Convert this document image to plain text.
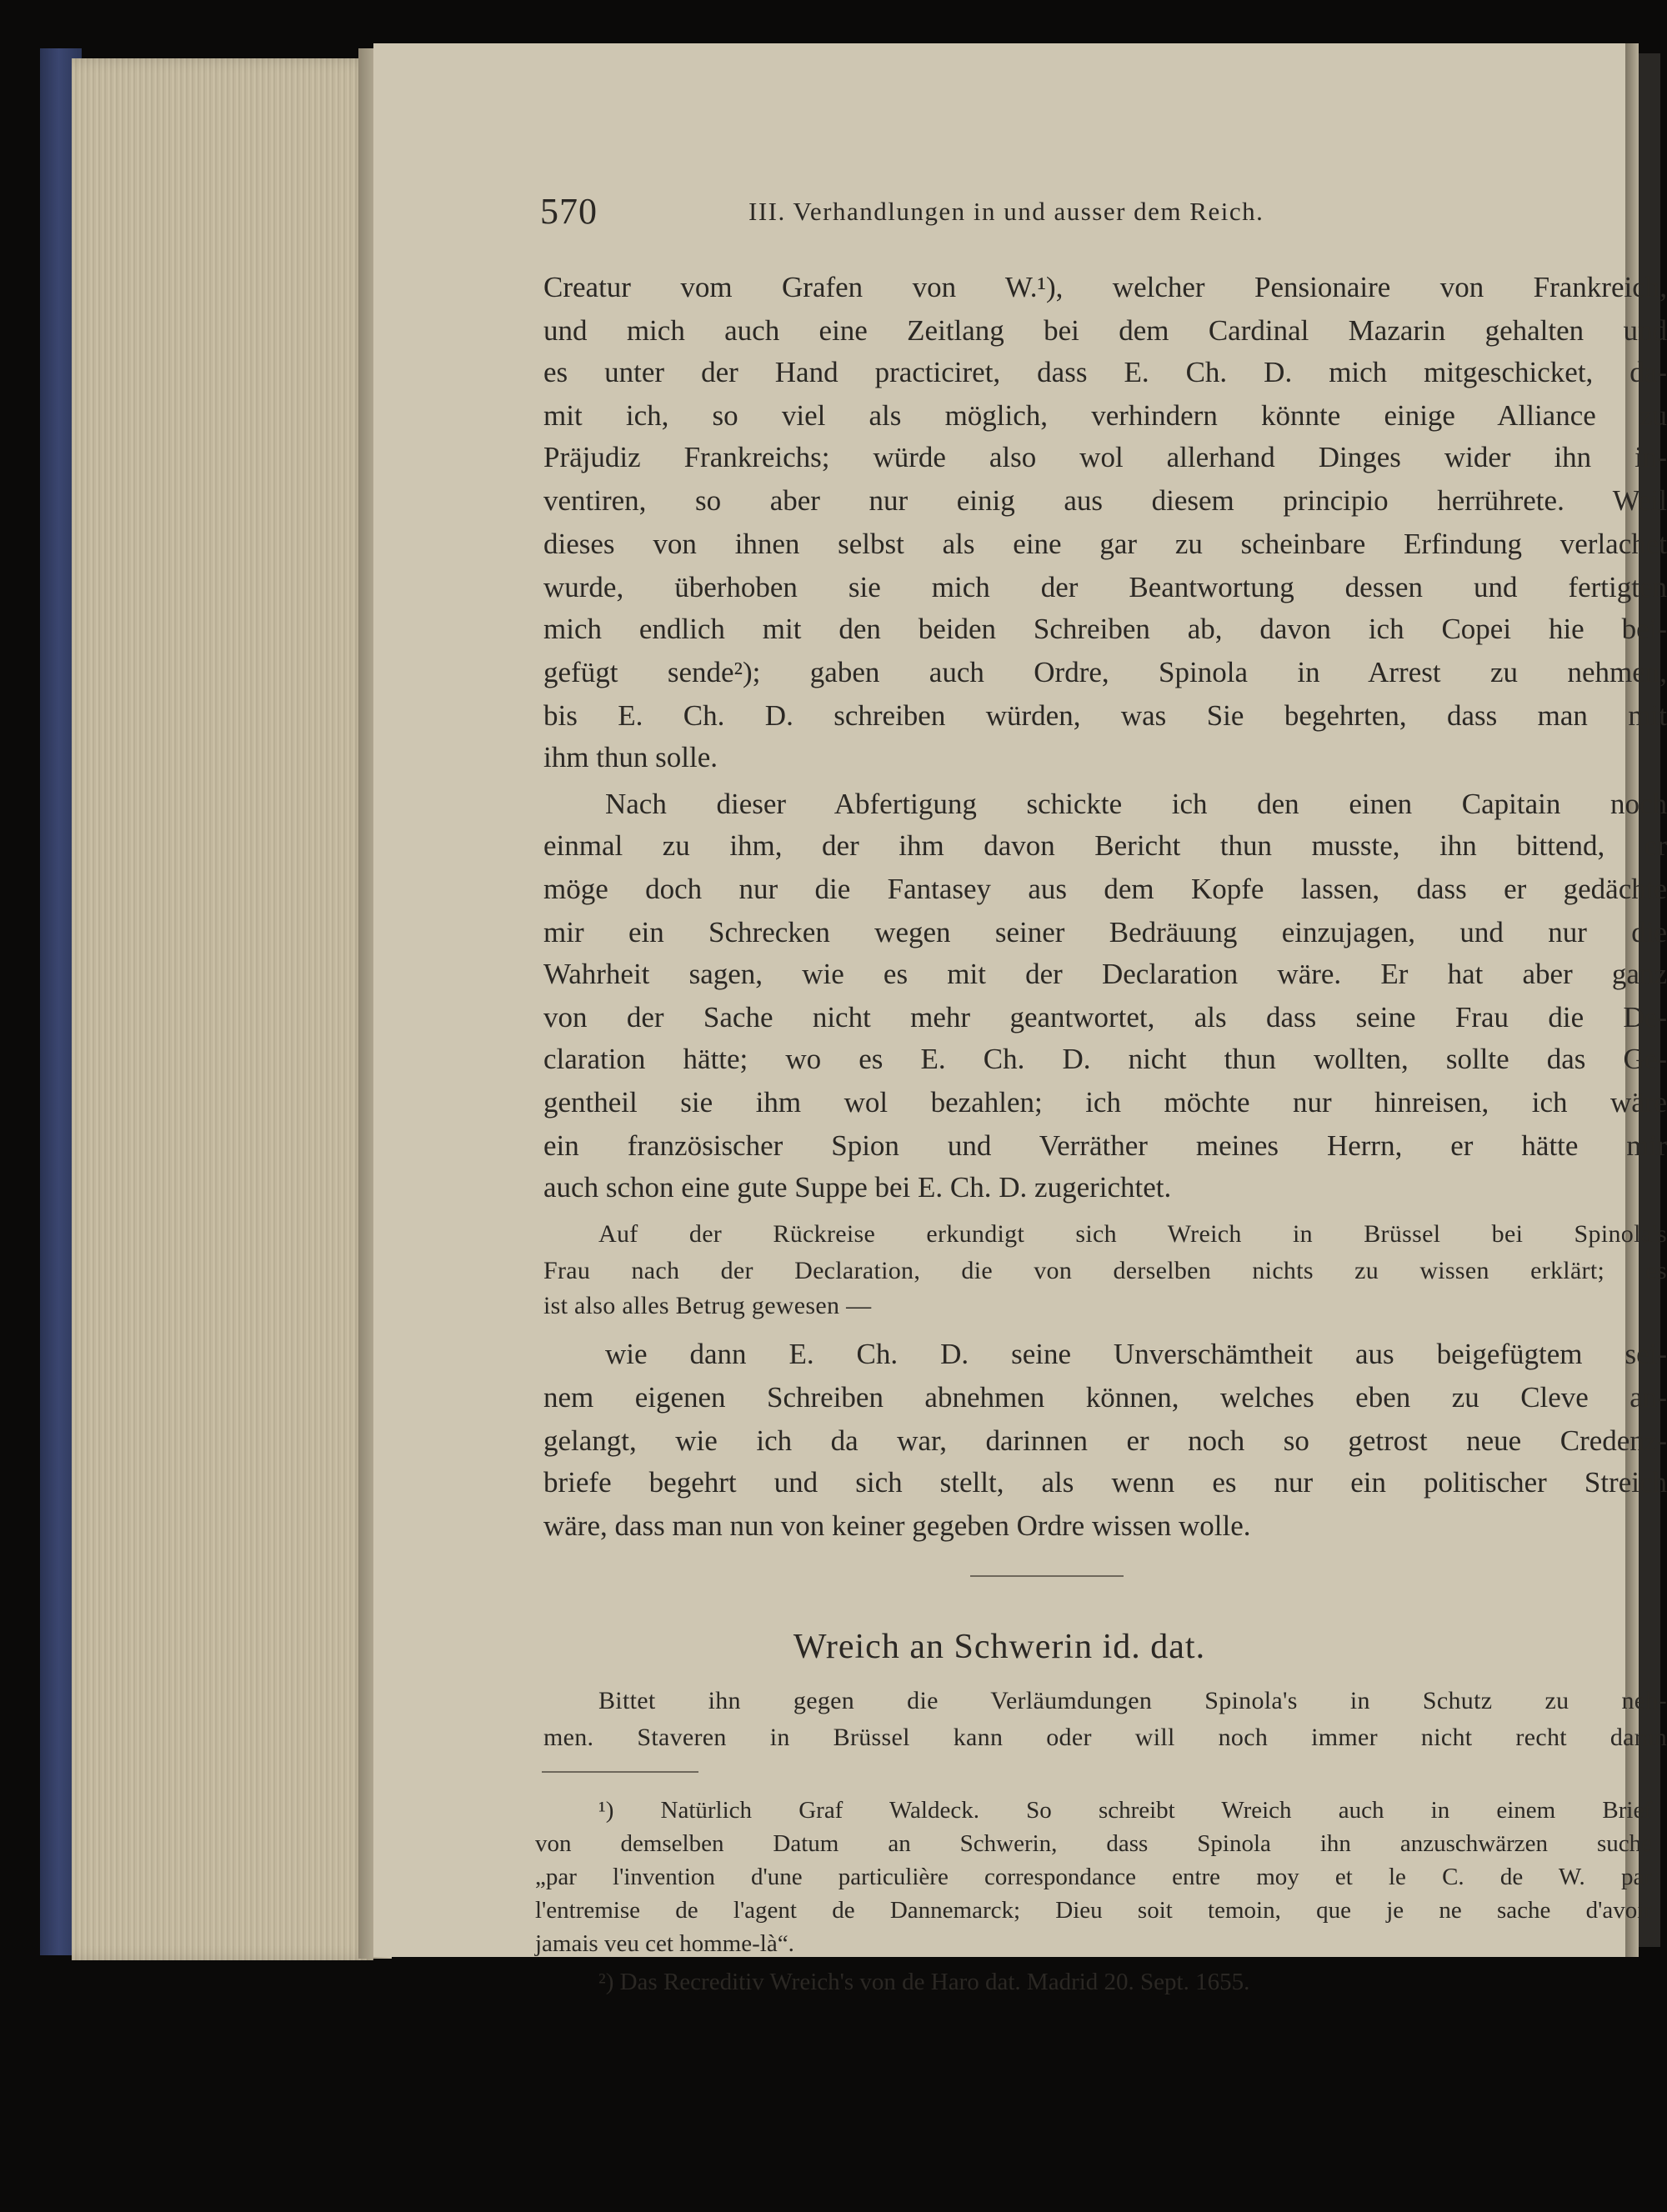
570	III. Verhandlungen in und ausser dem Reich.
Creatur vom Grafen von W.¹), welcher Pensionaire von Frankreich,
und mich auch eine Zeitlang bei dem Cardinal Mazarin gehalten und
es unter der Hand practiciret, dass E. Ch. D. mich mitgeschicket, da-
mit ich, so viel als möglich, verhindern könnte einige Alliance zu
Präjudiz Frankreichs; würde also wol allerhand Dinges wider ihn in-
ventiren, so aber nur einig aus diesem principio herrührete. Weil
dieses von ihnen selbst als eine gar zu scheinbare Erfindung verlachet
wurde, überhoben sie mich der Beantwortung dessen und fertigten
mich endlich mit den beiden Schreiben ab, davon ich Copei hie bei-
gefügt sende²); gaben auch Ordre, Spinola in Arrest zu nehmen,
bis E. Ch. D. schreiben würden, was Sie begehrten, dass man mit
ihm thun solle.
Nach dieser Abfertigung schickte ich den einen Capitain noch
einmal zu ihm, der ihm davon Bericht thun musste, ihn bittend, er
möge doch nur die Fantasey aus dem Kopfe lassen, dass er gedächte
mir ein Schrecken wegen seiner Bedräuung einzujagen, und nur die
Wahrheit sagen, wie es mit der Declaration wäre. Er hat aber ganz
von der Sache nicht mehr geantwortet, als dass seine Frau die De-
claration hätte; wo es E. Ch. D. nicht thun wollten, sollte das Ge-
gentheil sie ihm wol bezahlen; ich möchte nur hinreisen, ich wäre
ein französischer Spion und Verräther meines Herrn, er hätte mir
auch schon eine gute Suppe bei E. Ch. D. zugerichtet.
Auf der Rückreise erkundigt sich Wreich in Brüssel bei Spinola's
Frau nach der Declaration, die von derselben nichts zu wissen erklärt; es
ist also alles Betrug gewesen —
wie dann E. Ch. D. seine Unverschämtheit aus beigefügtem sei-
nem eigenen Schreiben abnehmen können, welches eben zu Cleve an-
gelangt, wie ich da war, darinnen er noch so getrost neue Credenz-
briefe begehrt und sich stellt, als wenn es nur ein politischer Streich
wäre, dass man nun von keiner gegeben Ordre wissen wolle.
Wreich an Schwerin id. dat.
Bittet ihn gegen die Verläumdungen Spinola's in Schutz zu neh-
men. Staveren in Brüssel kann oder will noch immer nicht recht daran
¹) Natürlich Graf Waldeck. So schreibt Wreich auch in einem Brief
von demselben Datum an Schwerin, dass Spinola ihn anzuschwärzen suche
„par l'invention d'une particulière correspondance entre moy et le C. de W. par
l'entremise de l'agent de Dannemarck; Dieu soit temoin, que je ne sache d'avoir
jamais veu cet homme-là“.
²) Das Recreditiv Wreich's von de Haro dat. Madrid 20. Sept. 1655.
